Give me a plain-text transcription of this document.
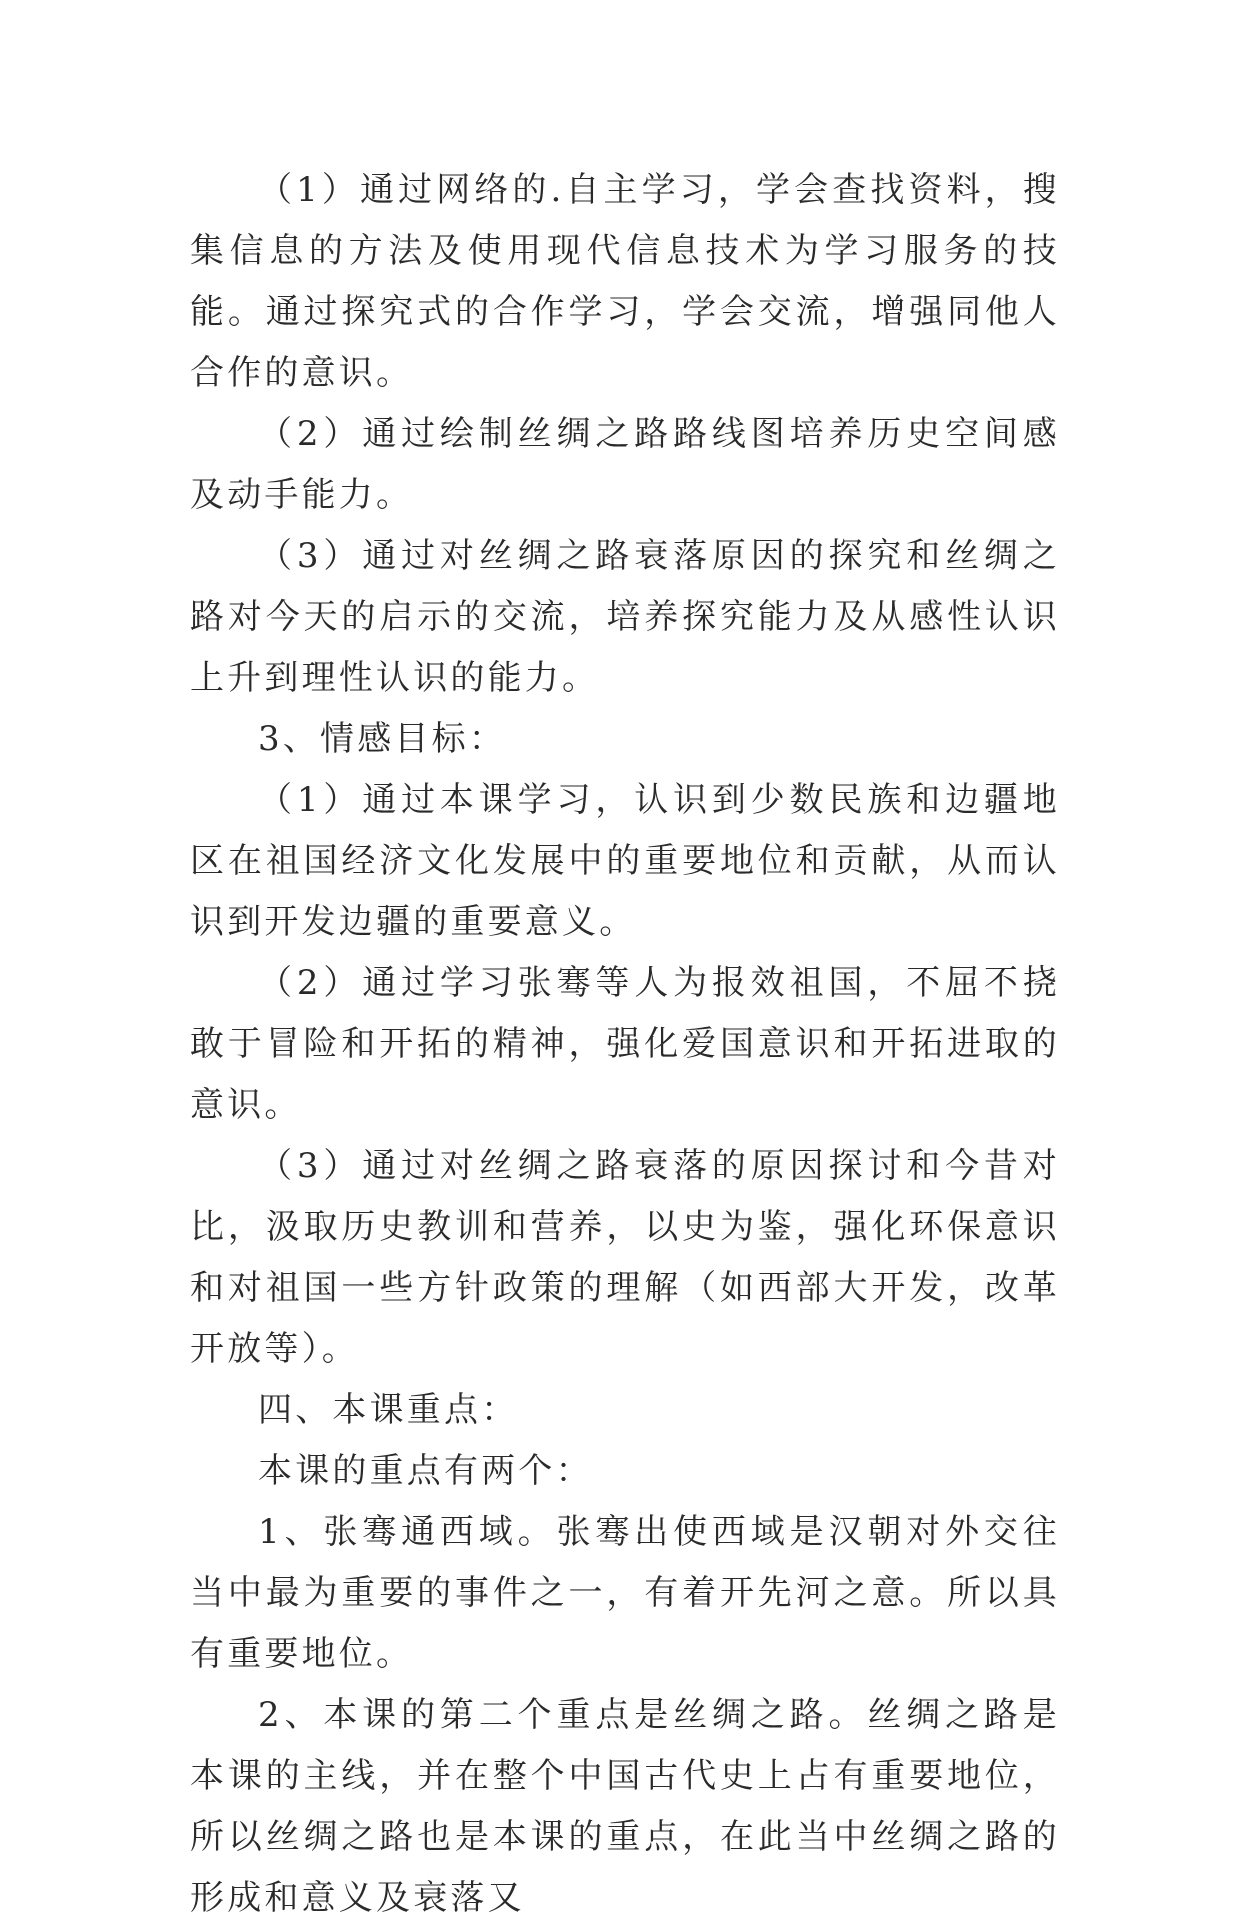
（1）通过网络的.自主学习，学会查找资料，搜集信息的方法及使用现代信息技术为学习服务的技能。通过探究式的合作学习，学会交流，增强同他人合作的意识。

（2）通过绘制丝绸之路路线图培养历史空间感及动手能力。

（3）通过对丝绸之路衰落原因的探究和丝绸之路对今天的启示的交流，培养探究能力及从感性认识上升到理性认识的能力。

3、情感目标：

（1）通过本课学习，认识到少数民族和边疆地区在祖国经济文化发展中的重要地位和贡献，从而认识到开发边疆的重要意义。

（2）通过学习张骞等人为报效祖国，不屈不挠敢于冒险和开拓的精神，强化爱国意识和开拓进取的意识。

（3）通过对丝绸之路衰落的原因探讨和今昔对比，汲取历史教训和营养，以史为鉴，强化环保意识和对祖国一些方针政策的理解（如西部大开发，改革开放等）。

四、本课重点：

本课的重点有两个：

1、张骞通西域。张骞出使西域是汉朝对外交往当中最为重要的事件之一，有着开先河之意。所以具有重要地位。

2、本课的第二个重点是丝绸之路。丝绸之路是本课的主线，并在整个中国古代史上占有重要地位，所以丝绸之路也是本课的重点，在此当中丝绸之路的形成和意义及衰落又
